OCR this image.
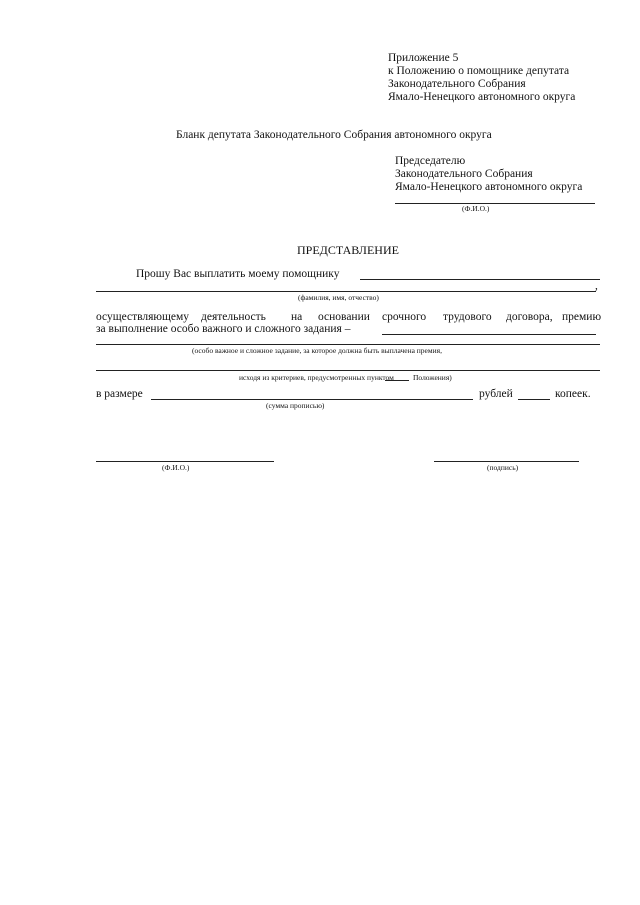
Приложение 5
к Положению о помощнике депутата
Законодательного Собрания
Ямало-Ненецкого автономного округа
Бланк депутата Законодательного Собрания автономного округа
Председателю
Законодательного Собрания
Ямало-Ненецкого автономного округа
(Ф.И.О.)
ПРЕДСТАВЛЕНИЕ
Прошу Вас выплатить моему помощнику
,
(фамилия, имя, отчество)
осуществляющему деятельность на основании срочного трудового договора, премию
за выполнение особо важного и сложного задания –
(особо важное и сложное задание, за которое должна быть выплачена премия,
исходя из критериев, предусмотренных пунктом	Положения)
в размере	рублей	копеек.
(сумма прописью)
(Ф.И.О.)	(подпись)
